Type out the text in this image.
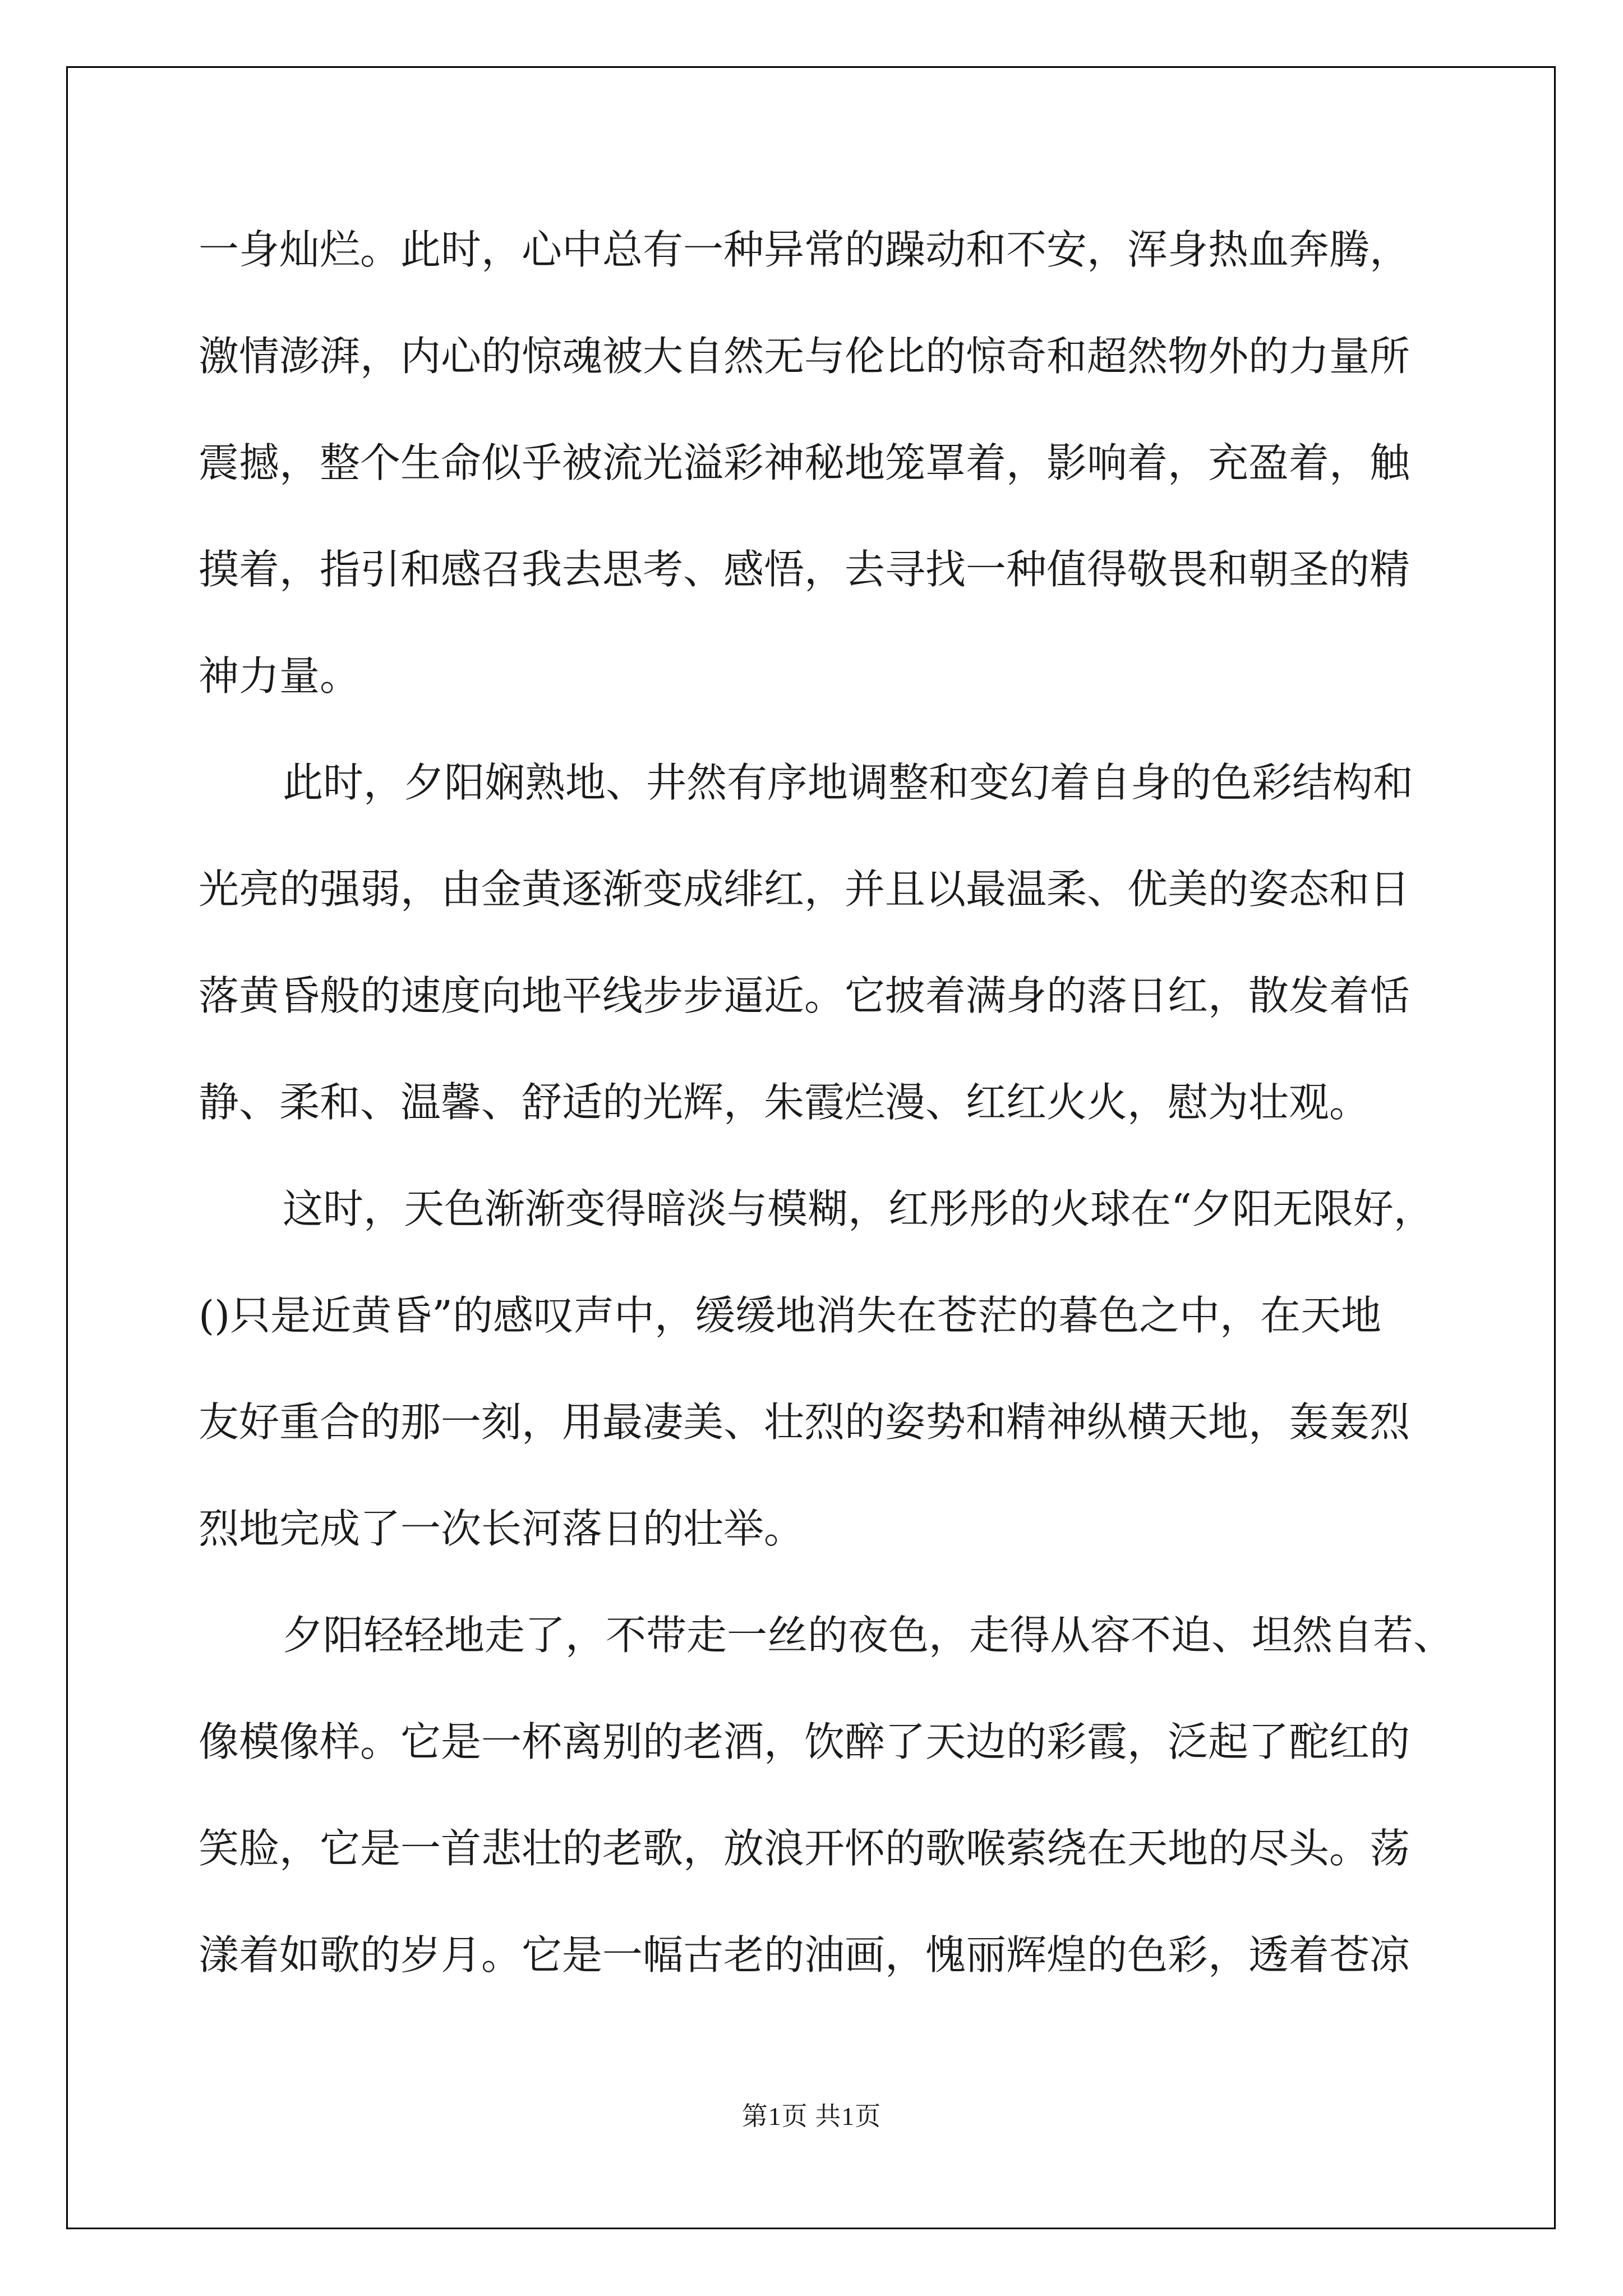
一身灿烂。此时，心中总有一种异常的躁动和不安，浑身热血奔腾，
激情澎湃，内心的惊魂被大自然无与伦比的惊奇和超然物外的力量所
震撼，整个生命似乎被流光溢彩神秘地笼罩着，影响着，充盈着，触
摸着，指引和感召我去思考、感悟，去寻找一种值得敬畏和朝圣的精
神力量。
此时，夕阳娴熟地、井然有序地调整和变幻着自身的色彩结构和
光亮的强弱，由金黄逐渐变成绯红，并且以最温柔、优美的姿态和日
落黄昏般的速度向地平线步步逼近。它披着满身的落日红，散发着恬
静、柔和、温馨、舒适的光辉，朱霞烂漫、红红火火，慰为壮观。
这时，天色渐渐变得暗淡与模糊，红彤彤的火球在“夕阳无限好，
()只是近黄昏”的感叹声中，缓缓地消失在苍茫的暮色之中，在天地
友好重合的那一刻，用最凄美、壮烈的姿势和精神纵横天地，轰轰烈
烈地完成了一次长河落日的壮举。
夕阳轻轻地走了，不带走一丝的夜色，走得从容不迫、坦然自若、
像模像样。它是一杯离别的老酒，饮醉了天边的彩霞，泛起了酡红的
笑脸，它是一首悲壮的老歌，放浪开怀的歌喉萦绕在天地的尽头。荡
漾着如歌的岁月。它是一幅古老的油画，愧丽辉煌的色彩，透着苍凉
第1页 共1页
